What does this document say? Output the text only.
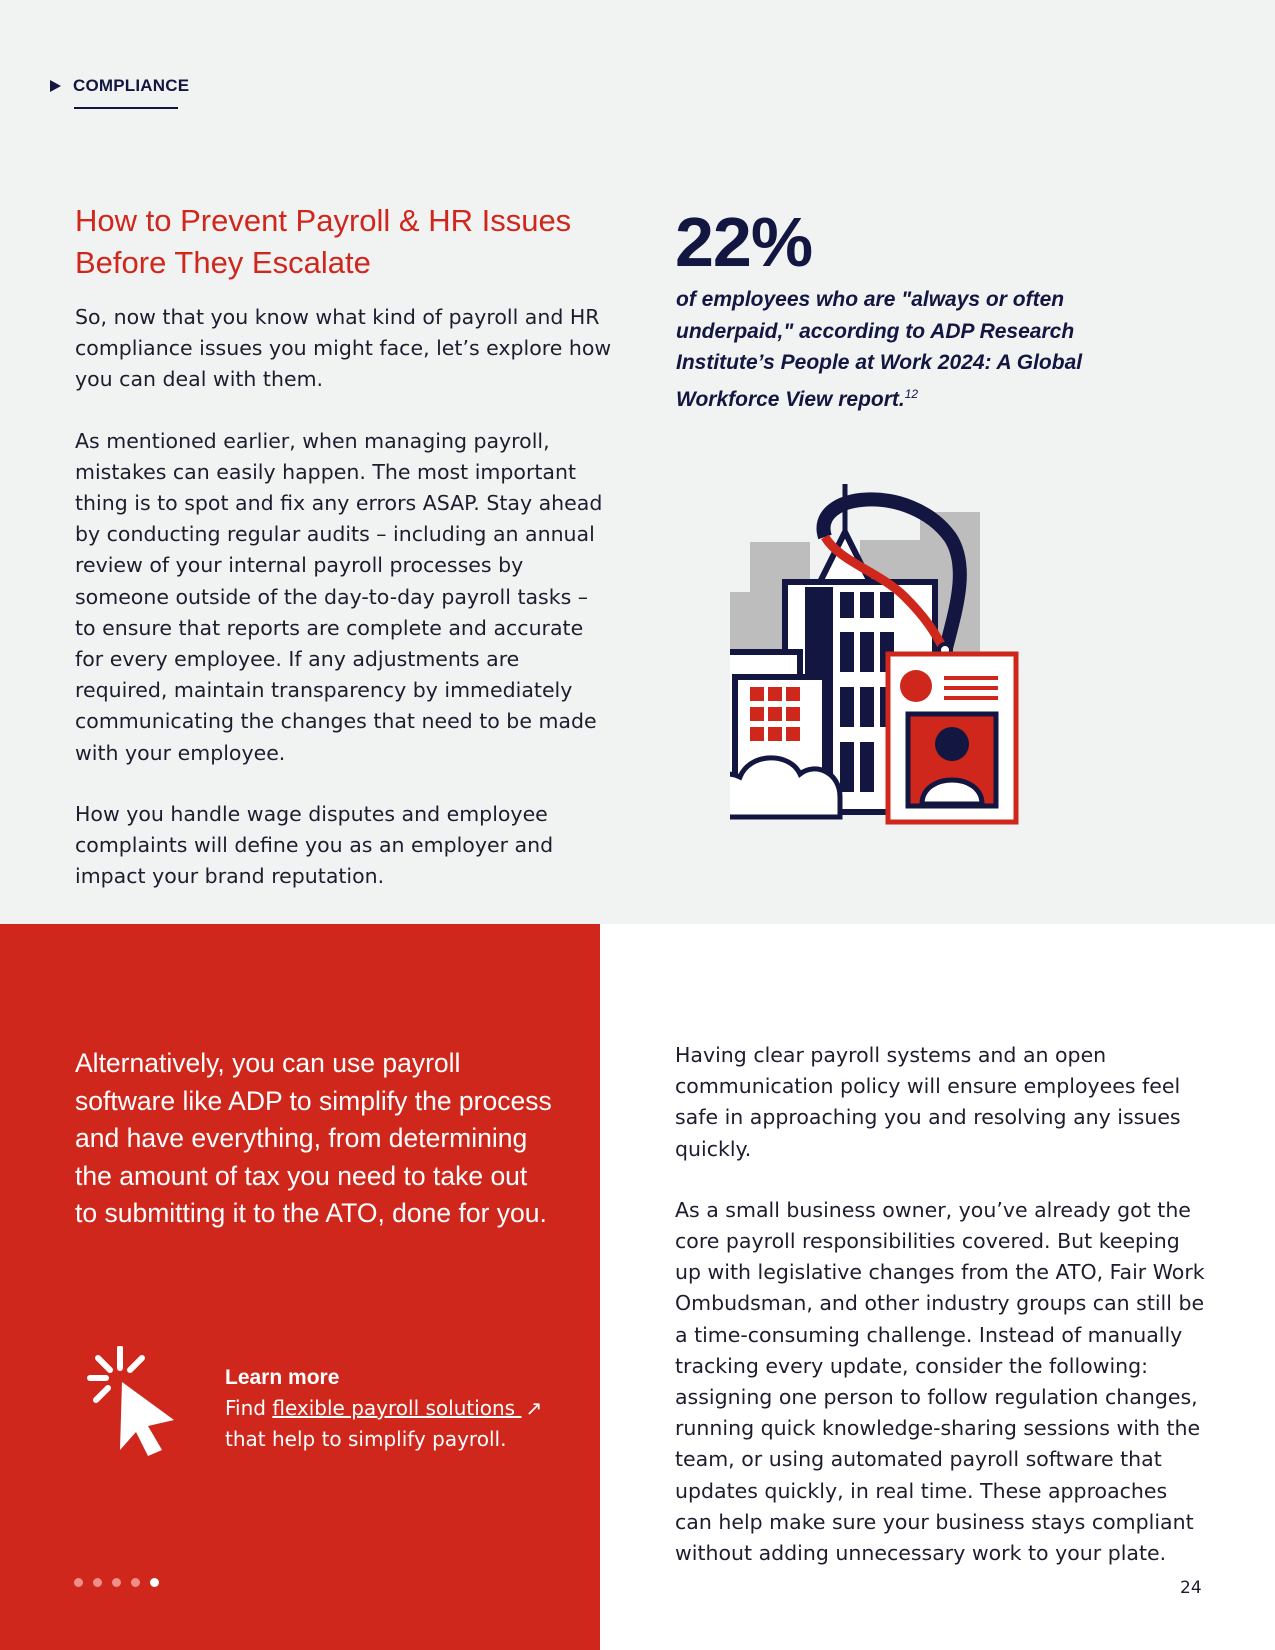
COMPLIANCE
How to Prevent Payroll & HR Issues Before They Escalate

So, now that you know what kind of payroll and HR compliance issues you might face, let’s explore how you can deal with them.

As mentioned earlier, when managing payroll, mistakes can easily happen. The most important thing is to spot and fix any errors ASAP. Stay ahead by conducting regular audits – including an annual review of your internal payroll processes by someone outside of the day-to-day payroll tasks – to ensure that reports are complete and accurate for every employee. If any adjustments are required, maintain transparency by immediately communicating the changes that need to be made with your employee.

How you handle wage disputes and employee complaints will define you as an employer and impact your brand reputation.

22%
of employees who are "always or often underpaid," according to ADP Research Institute’s People at Work 2024: A Global Workforce View report.$^{12}$
Alternatively, you can use payroll software like ADP to simplify the process and have everything, from determining the amount of tax you need to take out to submitting it to the ATO, done for you.
Learn more
Find flexible payroll solutions ↗
that help to simplify payroll.

Having clear payroll systems and an open communication policy will ensure employees feel safe in approaching you and resolving any issues quickly.

As a small business owner, you’ve already got the core payroll responsibilities covered. But keeping up with legislative changes from the ATO, Fair Work Ombudsman, and other industry groups can still be a time-consuming challenge. Instead of manually tracking every update, consider the following: assigning one person to follow regulation changes, running quick knowledge-sharing sessions with the team, or using automated payroll software that updates quickly, in real time. These approaches can help make sure your business stays compliant without adding unnecessary work to your plate.

24
